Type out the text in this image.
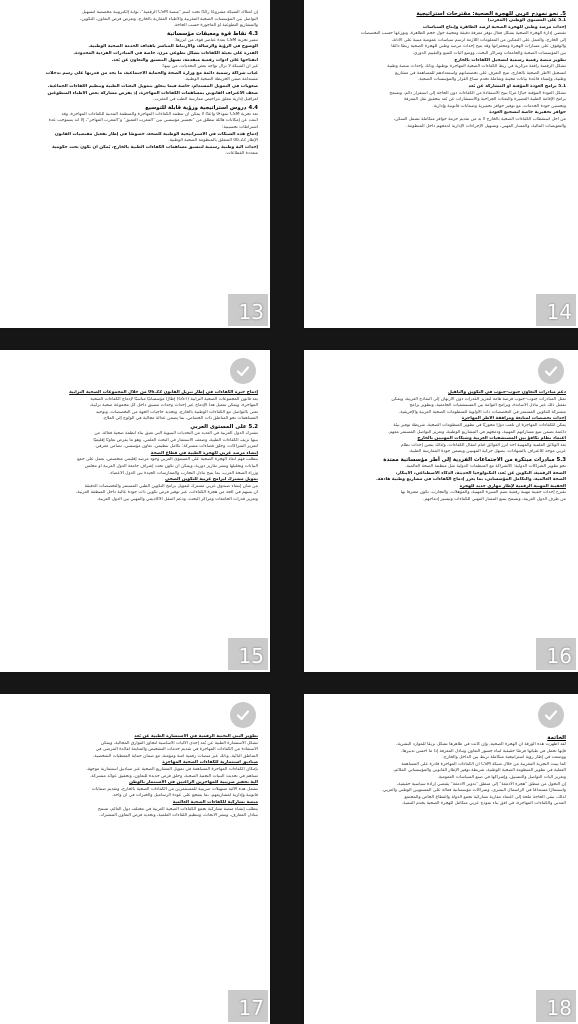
إن امتلاك الشبكة مشروعًا رائدًا تحت اسم "منصة CSM الرقمية"، بوابة إلكترونية مخصصة لتسهيل
التواصل بين المؤسسات الصحية المغربية والأطباء المغاربة بالخارج، وتعرض فرص التعاون، التكوين،
والمشاريع التطوعية أو المأجورة حسب الحاجة.
4.3 نقاط قوة ومعيقات مؤسساتية
تتميز تجربة CSM بعدة عناصر قوة، من أبرزها:
الوضوح في الرؤية والرسالة، والارتباط المباشر بأهداف الخدمة الصحية الوطنية.
القدرة على تعبئة الكفاءات بشكل تطوعي مرن، خاصة في المبادرات الفردية المحدودة.
انفتاحها على أدوات رقمية متقدمة، تسهل التنسيق والتعاون عن بُعد.
غير أن الشبكة لا تزال تواجه بعض التحديات، من بينها:
غياب شراكة رسمية دائمة مع وزارة الصحة والحماية الاجتماعية، ما يحد من قدرتها على رسم تدخلات
مستدامة ضمن الخريطة الصحية الوطنية.
صعوبات في التمويل المستدام، خاصة فيما يتعلق بتمويل البعثات الطبية وتنظيم اللقاءات الجماعية.
ضعف الاعتراف القانوني بمساهمات الكفاءات المهاجرة، إذ يفرض مشاركة بعض الأطباء المتطوعين
لعراقيل إدارية تتعلق بتراخيص ممارسة الطب في المغرب.
4.4 دروس استراتيجية ورؤية قابلة للتوسيع
تعد تجربة CSM نموذجًا واعدًا لا يمكن أن تنظمه الكفاءات المهاجرة والمنظمة المدنية للكفاءات المهاجرة، وقد
أثبتت عن إمكانات هائلة تنطلق من "تجسير مؤسسي بين "المغرب العميق" و"المغرب المهاجر"، إلا أنه يستوجب عدة
اشتراطات تحسينية:
إدماج هذه الشبكات في الاستراتيجية الوطنية للصحة، خصوصًا في إطار تفعيل مقتضيات القانون
الإطار 06.22 المتعلق بالمنظومة الصحية الوطنية.
إحداث آلية وطنية رسمية لتنسيق مساهمات الكفاءات الطبية بالخارج، يُمكن أن تكون تحت حكومية
متعددة القطاعات.
13
5. نحو نموذج عربي للهجرة الصحية: مقترحات استراتيجية
5.1 على المستوى الوطني (المغرب)
إحداث مرصد وطني للهجرة الصحية لرصد الظاهرة وإنتاج السياسات
تقتضي إدارة الهجرة الصحية بشكل فعال توفر معرفة دقيقة ومحينة حول حجم الظاهرة، وتوزعها حسب التخصصات
إلى الخارج، والعمل على التمكين من المعلومات اللازمة لرسم سياسات عمومية مبنية على الأدلة،
والوقوف على مسارات الهجرة ومحفزاتها وقد يتيح إحداث مرصد وطني للهجرة الصحية ربطًا دائمًا
بين المؤسسات الصحية والجامعات ومراكز البحث، ووضع آليات للتتبع والتقييم الدوري.
تطوير منصة رقمية رسمية لتسجيل الكفاءات بالخارج
تشكل الرقمنة رافعة مركزية في ربط الكفاءات الصحية المهاجرة بوطنها، وذلك بإحداث منصة وطنية
لتسجيل الأطر الصحية بالخارج، تتيح التعرف على تخصصاتهم واستعدادهم للمساهمة في مشاريع
وطنية، وإنشاء قاعدة بيانات محينة وشاملة تخدم صناع القرار والمؤسسات الصحية.
5.1 برامج العودة المؤقتة أو المشاركة عن بُعد
تشكل العودة المؤقتة خيارًا مرنًا يتيح الاستفادة من الكفاءات دون الحاجة إلى استقرار دائم، وتسمح
برامج الإقامة الطبية القصيرة والبعثات الجراحية والاستشارات عن بُعد بتحقيق نقل المعرفة
وتحسين جودة الخدمات، مع توفير حوافز تحفيزية وضمانات قانونية وإدارية.
حوافز تحفيزية خاصة لتشجيع العودة
من أجل استقطاب الكفاءات الصحية بالخارج لا بد من تقديم حزمة حوافز متكاملة تشمل السكن،
والتعويضات المالية، والمسار المهني، وتسهيل الإجراءات الإدارية لدمجهم داخل المنظومة.
14
إدماج خبرة الكفاءات في إطار تنزيل القانون 06.22 من خلال المجموعات الصحية الترابية
يعد قانون المجموعات الصحية الترابية (GST) إطارًا مؤسساتيًا مناسبًا لإدماج الكفاءات الصحية
المهاجرة، ويمكن تفعيل هذا الإدماج عبر إحداث وحدات تنسيق داخل كل مجموعة صحية ترابية،
تعنى بالتواصل مع الكفاءات الوطنية بالخارج، وتحديد حاجيات الجهة من التخصصات، وتوجيه
المساهمات نحو المناطق ذات الخصاص، بما يضمن عدالة مجالية في الولوج إلى العلاج.
5.2 على المستوى العربي
تشترك الدول العربية في العديد من التحديات البنيوية التي تعيق بناء أنظمة صحية فعالة، من
بينها نزيف الكفاءات الطبية، وضعف الاستثمار في البحث العلمي، وهو ما يفرض تعاونًا إقليميًا
لتعزيز الشراكات، وخلق فضاءات مشتركة: تكامل تنظيمي، تعاون مؤسسي، تضامن معرفي.
إنشاء مرصد عربي للهجرة الطبية في قطاع الصحة
يتطلب فهم أبعاد الهجرة الصحية على المستوى العربي وجود مرصد إقليمي متخصص، يعمل على جمع
البيانات وتحليلها ونشر تقارير دورية، ويمكن أن تكون تحت إشراف جامعة الدول العربية أو مجلس
وزراء الصحة العرب، بما يتيح تبادل التجارب والممارسات الجيدة بين الدول الأعضاء.
تمويل مشترك لبرامج عربية للتكوين الصحي
من شأن إنشاء صندوق عربي مشترك لتمويل برامج التكوين الطبي المستمر والتخصصات الدقيقة
أن يسهم في الحد من هجرة الكفاءات، عبر توفير فرص تكوين ذات جودة عالية داخل المنطقة العربية،
وتعزيز قدرات الجامعات ومراكز البحث، ودعم التنقل الأكاديمي والمهني بين الدول العربية.
15
دعم مبادرات التعاون جنوب–جنوب في التكوين والتأهيل
تمثل المبادرات جنوب–جنوب فرصة هامة لتعزيز القدرات دون الارتهان إلى النماذج الغربية، ويمكن
تفعيل ذلك عبر تبادل الأساتذة، وبرامج التوأمة بين المستشفيات الجامعية، وتطوير برامج
مشتركة للتكوين المستمر في التخصصات ذات الأولوية للمنظومات الصحية العربية والإفريقية.
إحداث تخصصات لمتابعة ومرافقة الأطر المهاجرة
يمكن للكفاءات المهاجرة أن تلعب دورًا محوريًا في تطوير المنظومات الصحية، شريطة توفير بيئة
داعمة تضمن تتبع مساراتهم المهنية، ودمجهم في المشاريع الوطنية، وتعزيز التواصل المستمر معهم.
اعتماد نظام تكافؤ بين المستشفيات العربية وشبكات المهنيين بالخارج
تعد الوثائق العلمية والمهنية أحد أبرز العوائق أمام انتقال الكفاءات، ولذلك يتعين إحداث نظام
عربي موحد للاعتراف بالشهادات، يسهل حركية المهنيين ويضمن جودة الممارسة الطبية.
5.3 مبادرات مبتكرة من الاجتماعات الفردية إلى أطر مؤسساتية ممتدة
نحو تطوير الشراكات الدولية: كالشراكة مع المنظمات الدولية مثل منظمة الصحة العالمية،
الصحة الرقمية، التكوين عن بُعد، التكنولوجيا الحديثة، الذكاء الاصطناعي، الابتكار،
الصحة العالمية، والتكامل المؤسساتي، بما يعزز إدماج الكفاءات في مشاريع وطنية هادفة.
الحقيبة المهنية الرقمية لإطار مهاري جديد للهجرة
تقترح إحداث حقيبة مهنية رقمية تضم السيرة المهنية، والمؤهلات، والتجارب، تكون معترفًا بها
من طرف الدول العربية، وتسمح بتتبع المسار المهني للكفاءات وتيسير إدماجهم.
16
تطوير البنى التحتية الرقمية في الاستشارة الطبية عن بُعد
تشكل الاستشارة الطبية عن بُعد إحدى الآليات الأساسية لتجاوز الفوارق المجالية، ويمكن
الاستفادة من الكفاءات المهاجرة في تقديم خدمات التشخيص والمتابعة لفائدة المرضى في
المناطق النائية، وذلك عبر منصات رقمية آمنة ومؤمنة، مع ضمان حماية المعطيات الشخصية.
صناديق استثمارية للكفاءات الصحية المهاجرة
بإمكان الكفاءات المهاجرة المساهمة في تمويل المشاريع الصحية عبر صناديق استثمارية موجهة،
تساهم في تحديث البنيات التحتية الصحية، وخلق فرص جديدة للتعاون، وتحقيق عوائد مشتركة.
آلية تحفيز ضريبية للمهاجرين الراغبين في الاستثمار بالوطن
تشمل هذه الآلية تسهيلات ضريبية للمستثمرين من الكفاءات الصحية بالخارج، وتقديم ضمانات
قانونية وإدارية لمشاريعهم، بما يشجع على عودة الرساميل والخبرات في آن واحد.
منصة تشاركية للكفاءات الصحية العالمية
يتطلب إنشاء منصة تشاركية تجمع الكفاءات الصحية العربية في مختلف دول العالم، تسمح
بتبادل المعارف، ونشر الأبحاث، وتنظيم اللقاءات العلمية، وتحديد فرص التعاون المشترك.
17
الخاتمة
لقد أظهرت هذه الورقة أن الهجرة الصحية، وإن كانت في ظاهرها تشكل نزيفًا للموارد البشرية،
فإنها تحمل في طياتها فرصًا حقيقية لبناء جسور التعاون وتبادل المعرفة إذا ما أُحسن تدبيرها،
ووضعت في إطار رؤية استراتيجية متكاملة تربط بين الداخل والخارج.
كما بينت التجربة المغربية من خلال شبكة CSM أن الكفاءات المهاجرة قادرة على المساهمة
الفعلية في تطوير المنظومة الصحية الوطنية، شريطة توفير الإطار القانوني والمؤسساتي الملائم،
وتعزيز آليات التواصل والتنسيق، وإشراكها في صنع السياسات العمومية.
إن التحول من منطق "هجرة الأدمغة" إلى منطق "تدوير الأدمغة" يقتضي إرادة سياسية حقيقية،
واستثمارًا مستدامًا في الرأسمال البشري، وشراكات مؤسساتية فعالة على المستويين الوطني والعربي.
لذلك، تبقى الحاجة ملحة إلى اعتماد مقاربة تشاركية تجمع الدولة والقطاع الخاص والمجتمع
المدني والكفاءات المهاجرة، في أفق بناء نموذج عربي متكامل للهجرة الصحية يخدم التنمية.
18
